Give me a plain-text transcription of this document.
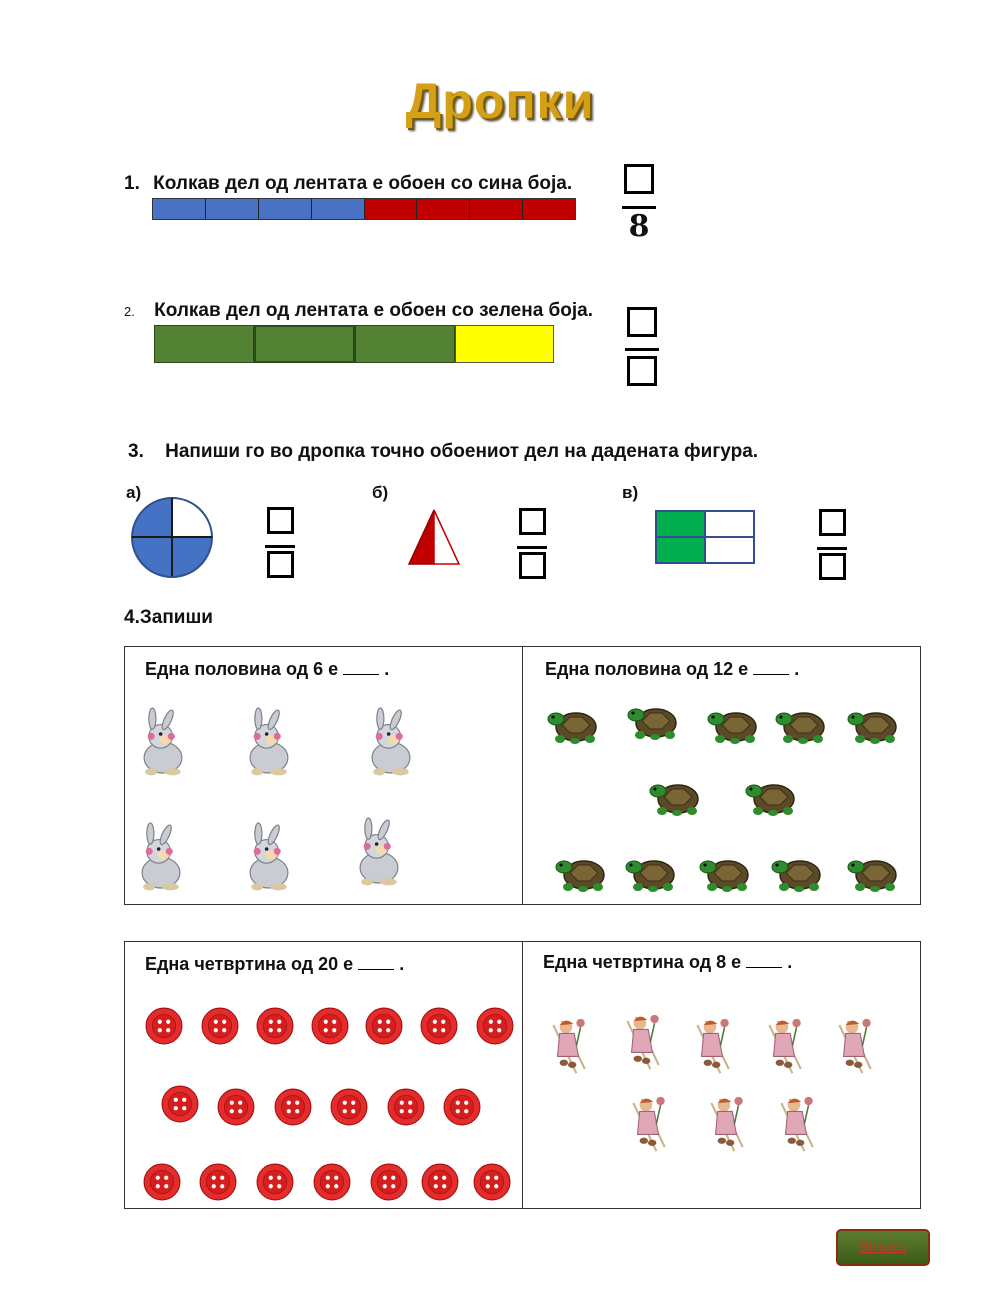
Дропки
1. Колкав дел од лентата е обоен со сина боја.
8
2. Колкав дел од лентата е обоен со зелена боја.
3. Напиши го во дропка точно обоениот дел на дадената фигура.
а)	б)	в)
4.Запиши
Една половина од 6 е	.	Една половина од 12 е	.
Една четвртина од 20 е	.	Една четвртина од 8 е	.
Bleterch
